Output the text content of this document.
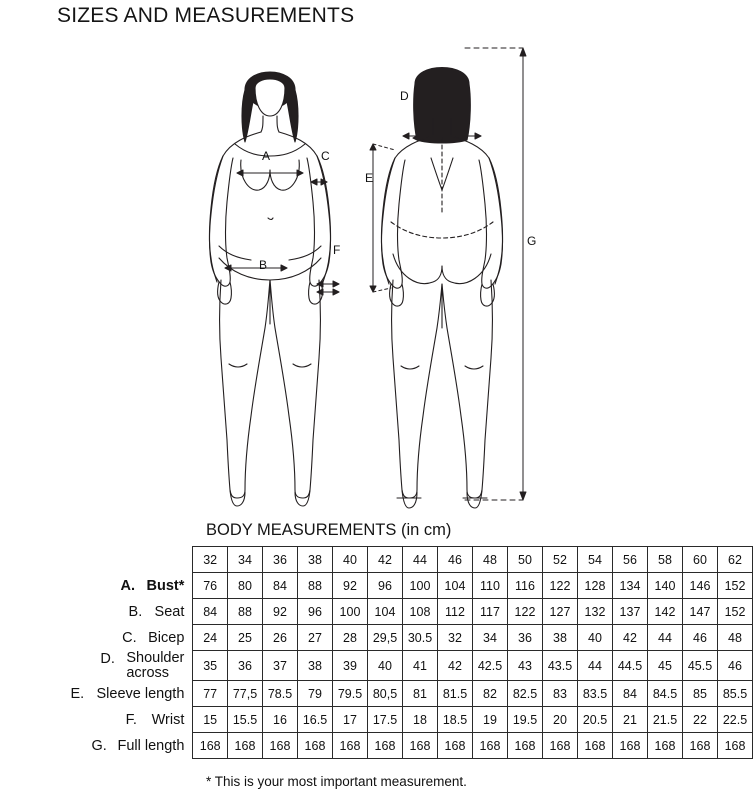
SIZES AND MEASUREMENTS
A
B
C
D
E
F
G
BODY MEASUREMENTS (in cm)
	32	34	36	38	40	42	44	46	48	50	52	54	56	58	60	62

A. Bust*	76	80	84	88	92	96	100	104	110	116	122	128	134	140	146	152

B. Seat	84	88	92	96	100	104	108	112	117	122	127	132	137	142	147	152

C. Bicep	24	25	26	27	28	29,5	30.5	32	34	36	38	40	42	44	46	48

D. Shoulder
across	35	36	37	38	39	40	41	42	42.5	43	43.5	44	44.5	45	45.5	46

E. Sleeve length	77	77,5	78.5	79	79.5	80,5	81	81.5	82	82.5	83	83.5	84	84.5	85	85.5

F. Wrist	15	15.5	16	16.5	17	17.5	18	18.5	19	19.5	20	20.5	21	21.5	22	22.5

G. Full length	168	168	168	168	168	168	168	168	168	168	168	168	168	168	168	168
* This is your most important measurement.
